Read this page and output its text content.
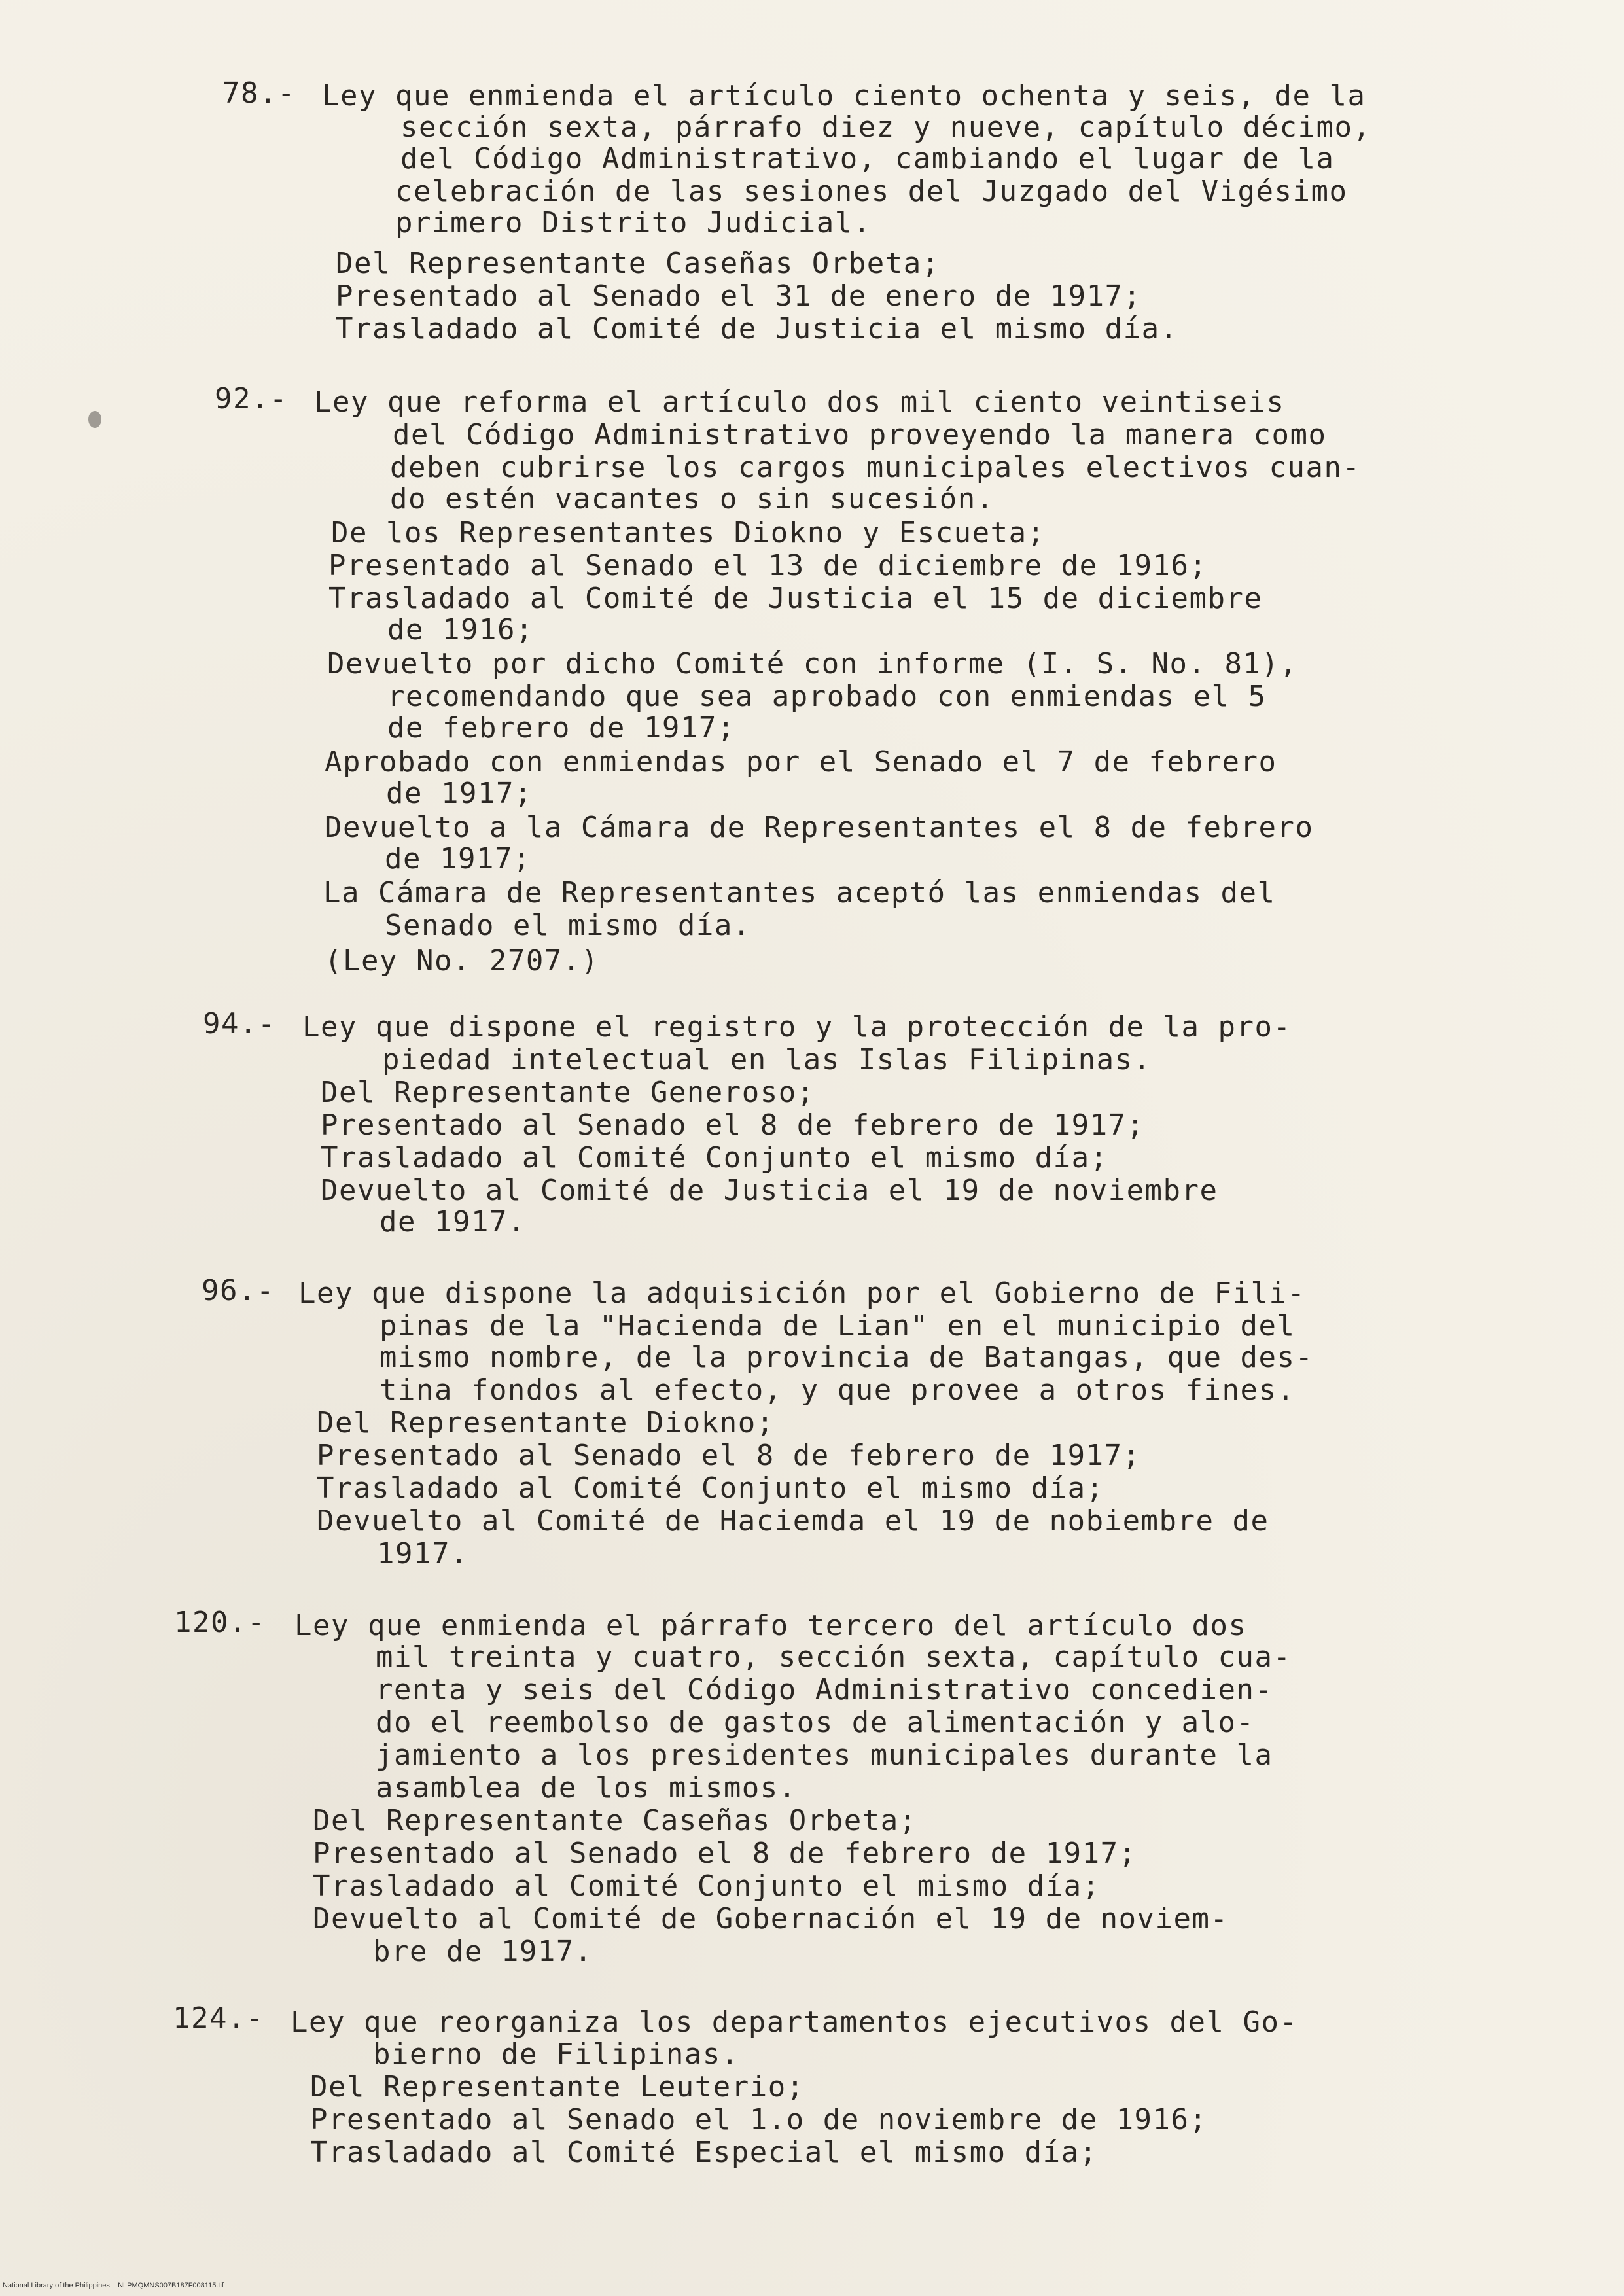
78.- Ley que enmienda el artículo ciento ochenta y seis, de la
sección sexta, párrafo diez y nueve, capítulo décimo,
del Código Administrativo, cambiando el lugar de la
celebración de las sesiones del Juzgado del Vigésimo
primero Distrito Judicial.
Del Representante Caseñas Orbeta;
Presentado al Senado el 31 de enero de 1917;
Trasladado al Comité de Justicia el mismo día.
92.- Ley que reforma el artículo dos mil ciento veintiseis
del Código Administrativo proveyendo la manera como
deben cubrirse los cargos municipales electivos cuan-
do estén vacantes o sin sucesión.
De los Representantes Diokno y Escueta;
Presentado al Senado el 13 de diciembre de 1916;
Trasladado al Comité de Justicia el 15 de diciembre
de 1916;
Devuelto por dicho Comité con informe (I. S. No. 81),
recomendando que sea aprobado con enmiendas el 5
de febrero de 1917;
Aprobado con enmiendas por el Senado el 7 de febrero
de 1917;
Devuelto a la Cámara de Representantes el 8 de febrero
de 1917;
La Cámara de Representantes aceptó las enmiendas del
Senado el mismo día.
(Ley No. 2707.)
94.- Ley que dispone el registro y la protección de la pro-
piedad intelectual en las Islas Filipinas.
Del Representante Generoso;
Presentado al Senado el 8 de febrero de 1917;
Trasladado al Comité Conjunto el mismo día;
Devuelto al Comité de Justicia el 19 de noviembre
de 1917.
96.- Ley que dispone la adquisición por el Gobierno de Fili-
pinas de la "Hacienda de Lian" en el municipio del
mismo nombre, de la provincia de Batangas, que des-
tina fondos al efecto, y que provee a otros fines.
Del Representante Diokno;
Presentado al Senado el 8 de febrero de 1917;
Trasladado al Comité Conjunto el mismo día;
Devuelto al Comité de Haciemda el 19 de nobiembre de
1917.
120.- Ley que enmienda el párrafo tercero del artículo dos
mil treinta y cuatro, sección sexta, capítulo cua-
renta y seis del Código Administrativo concedien-
do el reembolso de gastos de alimentación y alo-
jamiento a los presidentes municipales durante la
asamblea de los mismos.
Del Representante Caseñas Orbeta;
Presentado al Senado el 8 de febrero de 1917;
Trasladado al Comité Conjunto el mismo día;
Devuelto al Comité de Gobernación el 19 de noviem-
bre de 1917.
124.- Ley que reorganiza los departamentos ejecutivos del Go-
bierno de Filipinas.
Del Representante Leuterio;
Presentado al Senado el 1.o de noviembre de 1916;
Trasladado al Comité Especial el mismo día;
National Library of the Philippines    NLPMQMNS007B187F008115.tif
